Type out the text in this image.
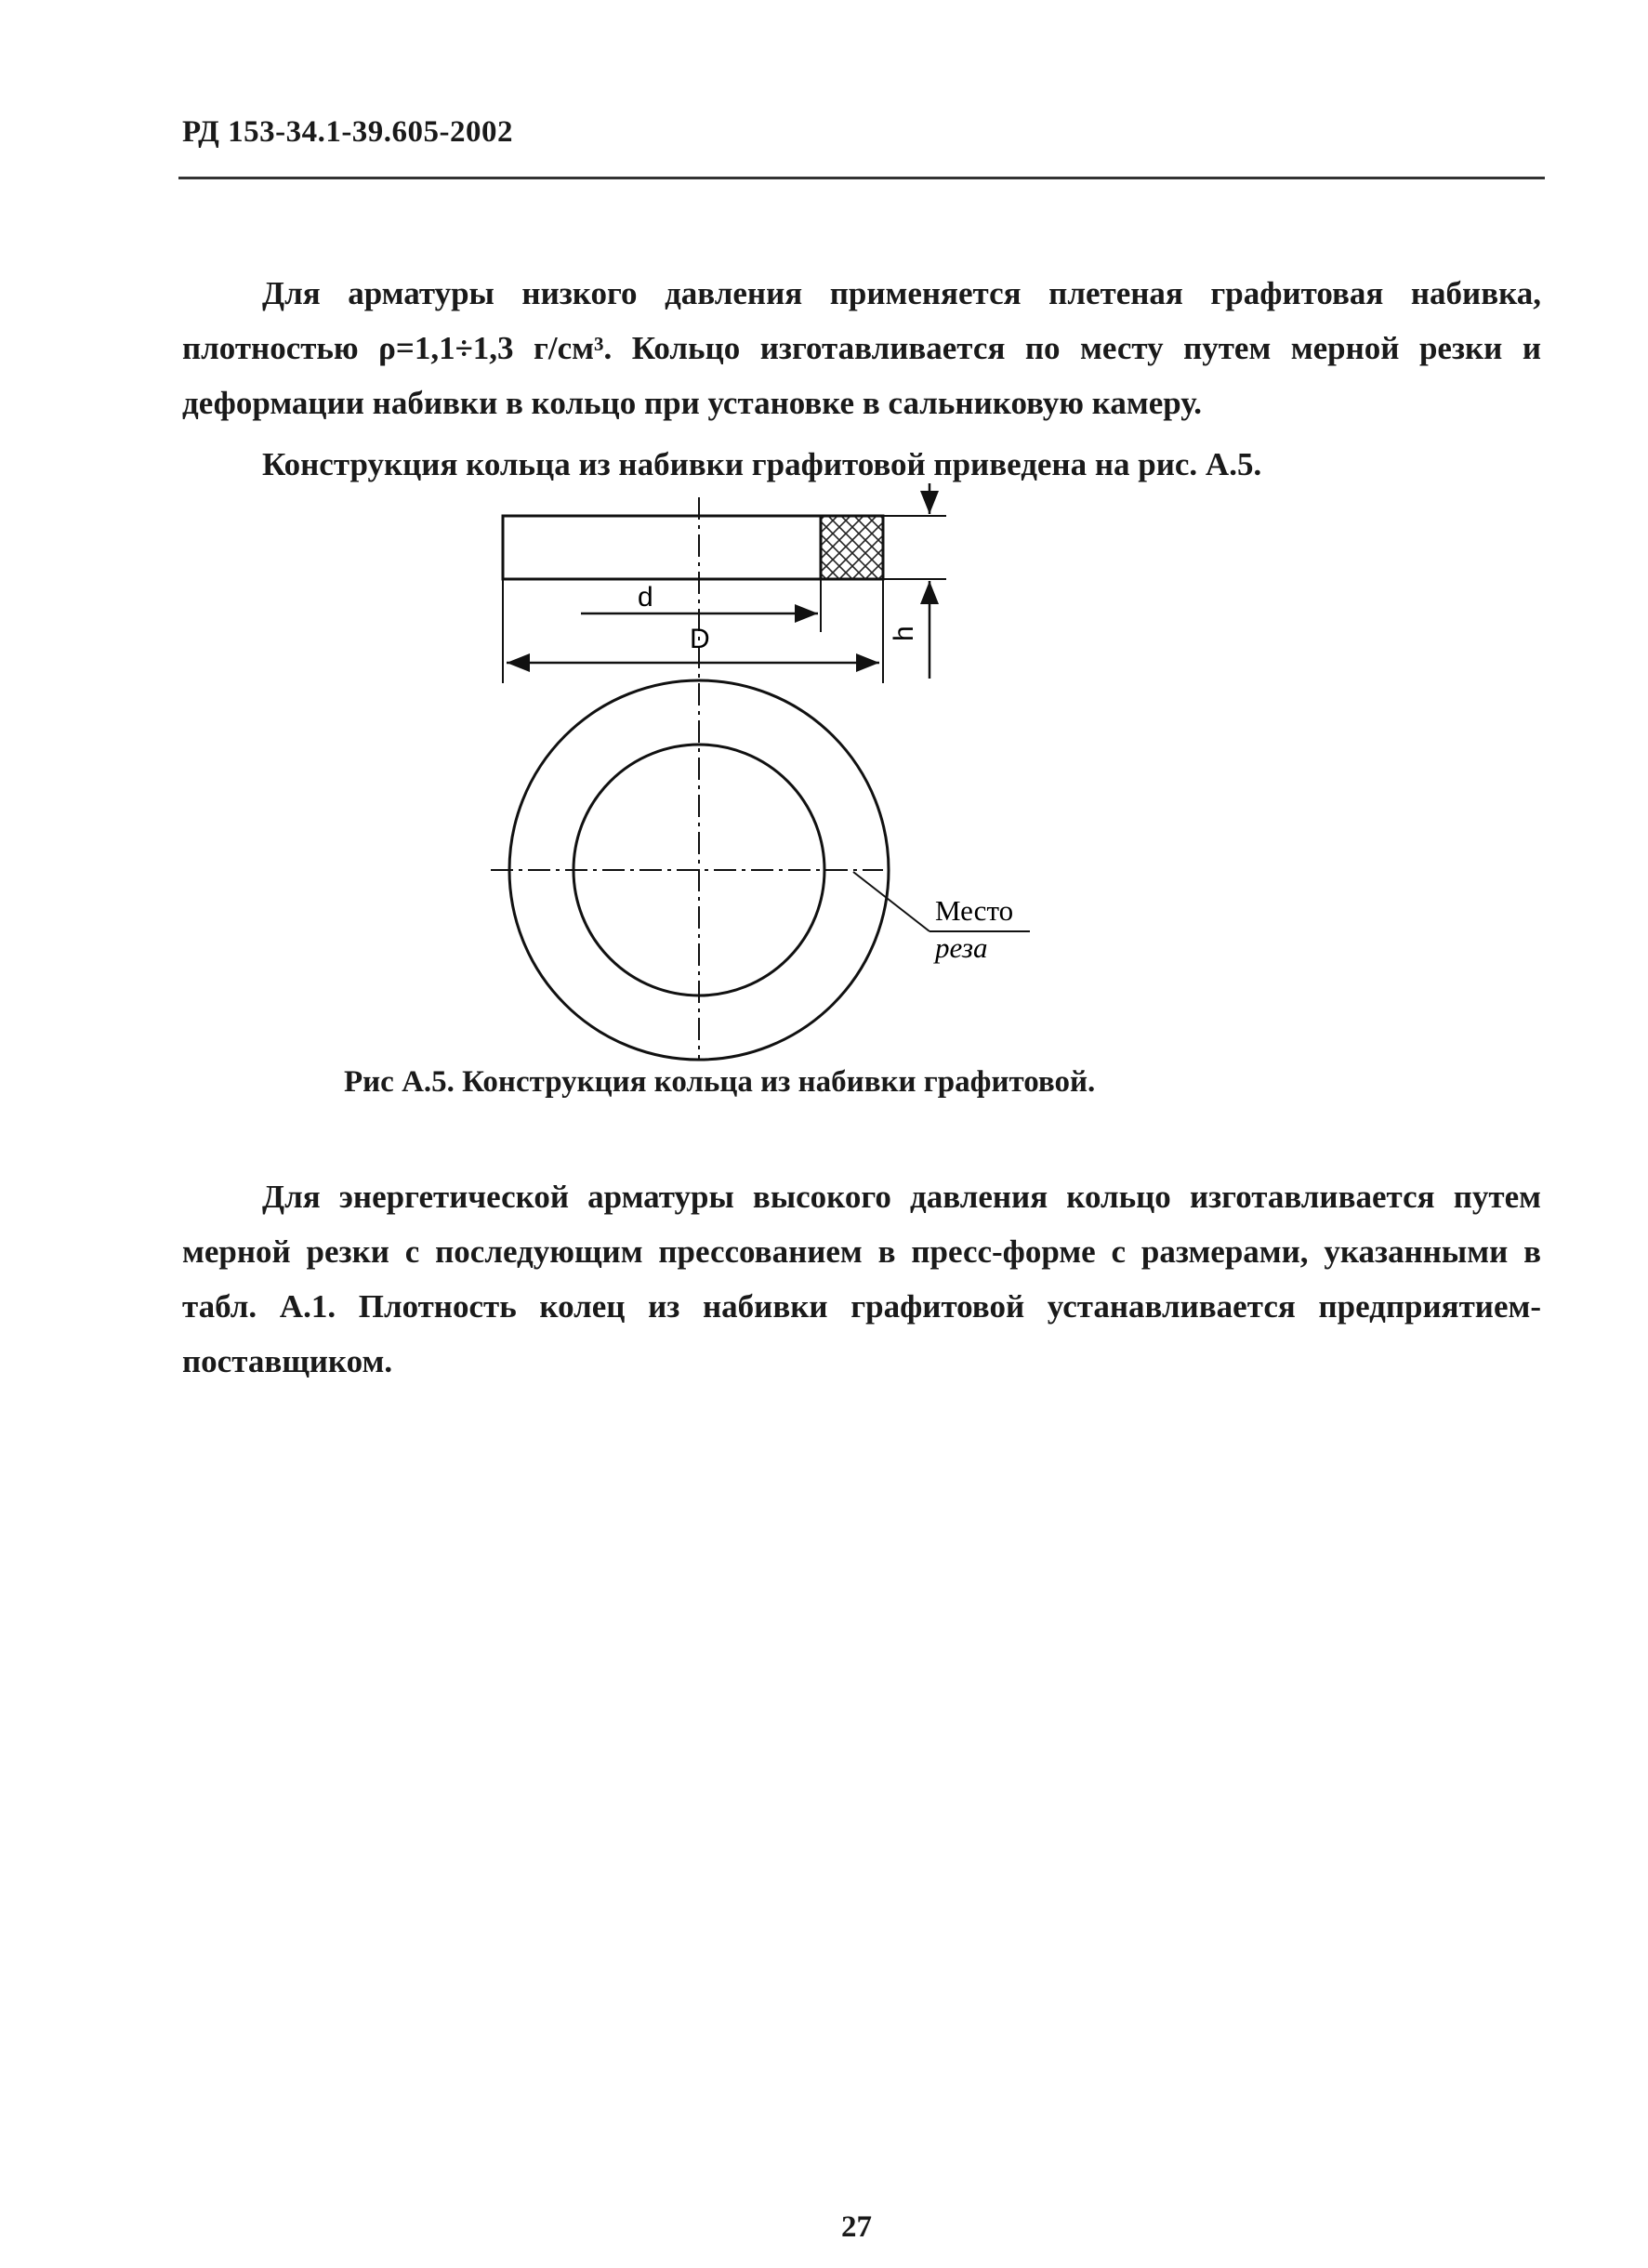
РД 153-34.1-39.605-2002
Для арматуры низкого давления применяется плетеная графитовая набивка, плотностью ρ=1,1÷1,3 г/см³. Кольцо изготавливается по месту путем мерной резки и деформации набивки в кольцо при установке в сальниковую камеру.
Конструкция кольца из набивки графитовой приведена на рис. А.5.
d
D	h
Место
реза
Рис А.5. Конструкция кольца из набивки графитовой.
Для энергетической арматуры высокого давления кольцо изготавливается путем мерной резки с последующим прессованием в пресс-форме с размерами, указанными в табл. А.1. Плотность колец из набивки графитовой устанавливается предприятием-поставщиком.
27
